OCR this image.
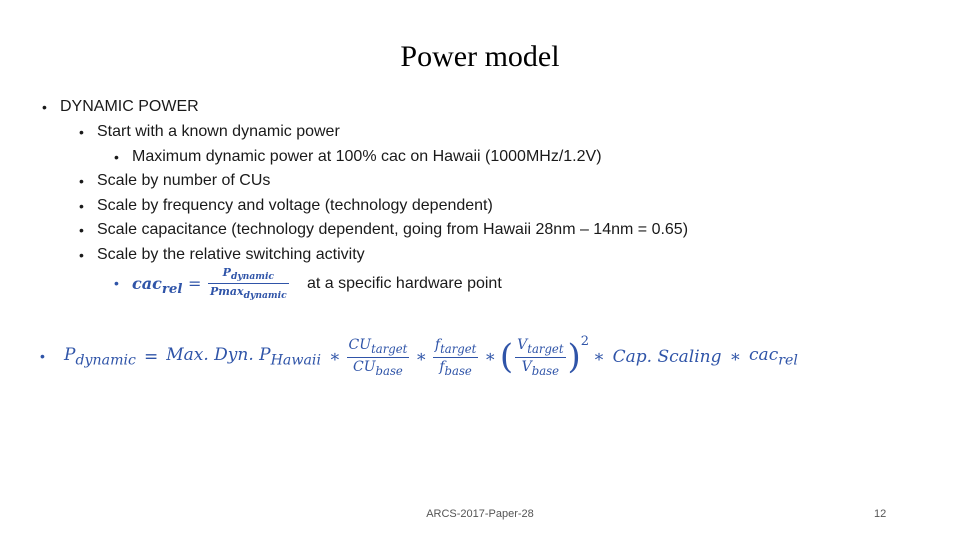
Power model
• DYNAMIC POWER
• Start with a known dynamic power
• Maximum dynamic power at 100% cac on Hawaii (1000MHz/1.2V)
• Scale by number of CUs
• Scale by frequency and voltage (technology dependent)
• Scale capacitance (technology dependent, going from Hawaii 28nm – 14nm = 0.65)
• Scale by the relative switching activity
• cac$_{rel}$ =
$P_{dynamic}$
Pmax$_{dynamic}$
at a specific hardware point
• $P_{dynamic}$ = Max. Dyn. $P_{Hawaii}$ ∗ $\frac{CU_{target}}{CU_{base}}$ ∗ $\frac{f_{target}}{f_{base}}$ ∗ ( $\frac{V_{target}}{V_{base}}$ ) 2
∗ Cap. Scaling ∗ cac$_{rel}$
ARCS-2017-Paper-28	12
